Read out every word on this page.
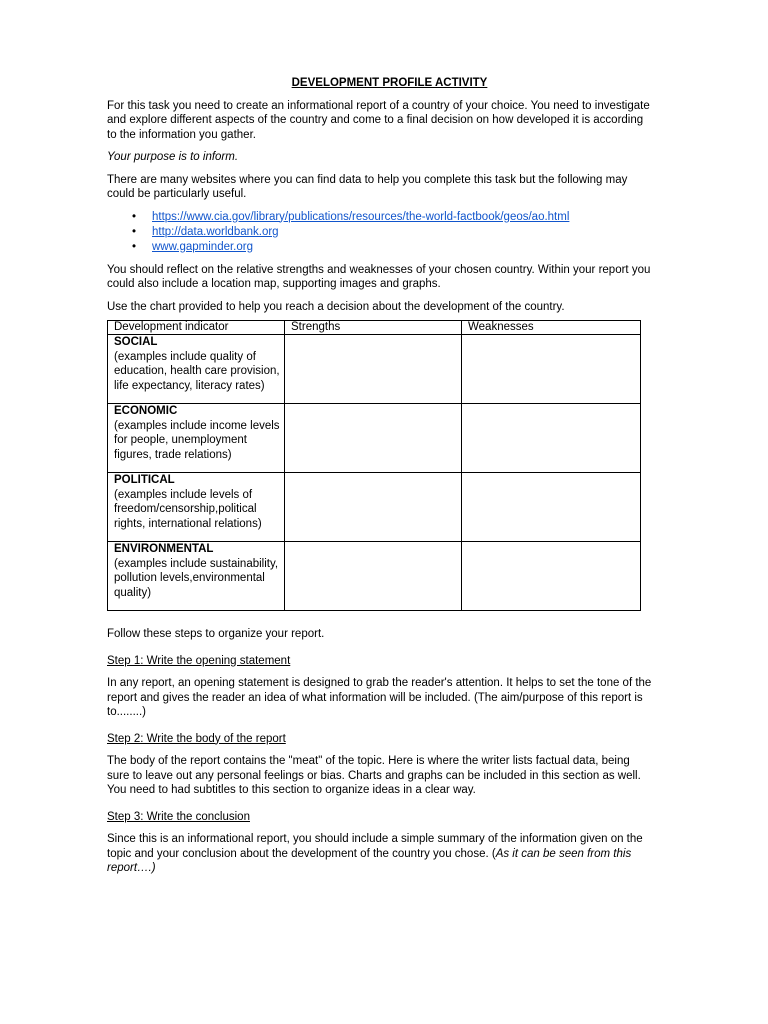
DEVELOPMENT PROFILE ACTIVITY

For this task you need to create an informational report of a country of your choice. You need to investigate and explore different aspects of the country and come to a final decision on how developed it is according to the information you gather.

Your purpose is to inform.

There are many websites where you can find data to help you complete this task but the following may could be particularly useful.

• https://www.cia.gov/library/publications/resources/the-world-factbook/geos/ao.html
• http://data.worldbank.org
• www.gapminder.org

You should reflect on the relative strengths and weaknesses of your chosen country. Within your report you could also include a location map, supporting images and graphs.

Use the chart provided to help you reach a decision about the development of the country.

Development indicator	Strengths	Weaknesses

SOCIAL
(examples include quality of education, health care provision, life expectancy, literacy rates)		

ECONOMIC
(examples include income levels for people, unemployment figures, trade relations)		

POLITICAL
(examples include levels of freedom/censorship,political rights, international relations)		

ENVIRONMENTAL
(examples include sustainability, pollution levels,environmental quality)		

Follow these steps to organize your report.

Step 1: Write the opening statement

In any report, an opening statement is designed to grab the reader's attention. It helps to set the tone of the report and gives the reader an idea of what information will be included. (The aim/purpose of this report is to........)

Step 2: Write the body of the report

The body of the report contains the "meat" of the topic. Here is where the writer lists factual data, being sure to leave out any personal feelings or bias. Charts and graphs can be included in this section as well. You need to had subtitles to this section to organize ideas in a clear way.

Step 3: Write the conclusion

Since this is an informational report, you should include a simple summary of the information given on the topic and your conclusion about the development of the country you chose. (As it can be seen from this report….)
